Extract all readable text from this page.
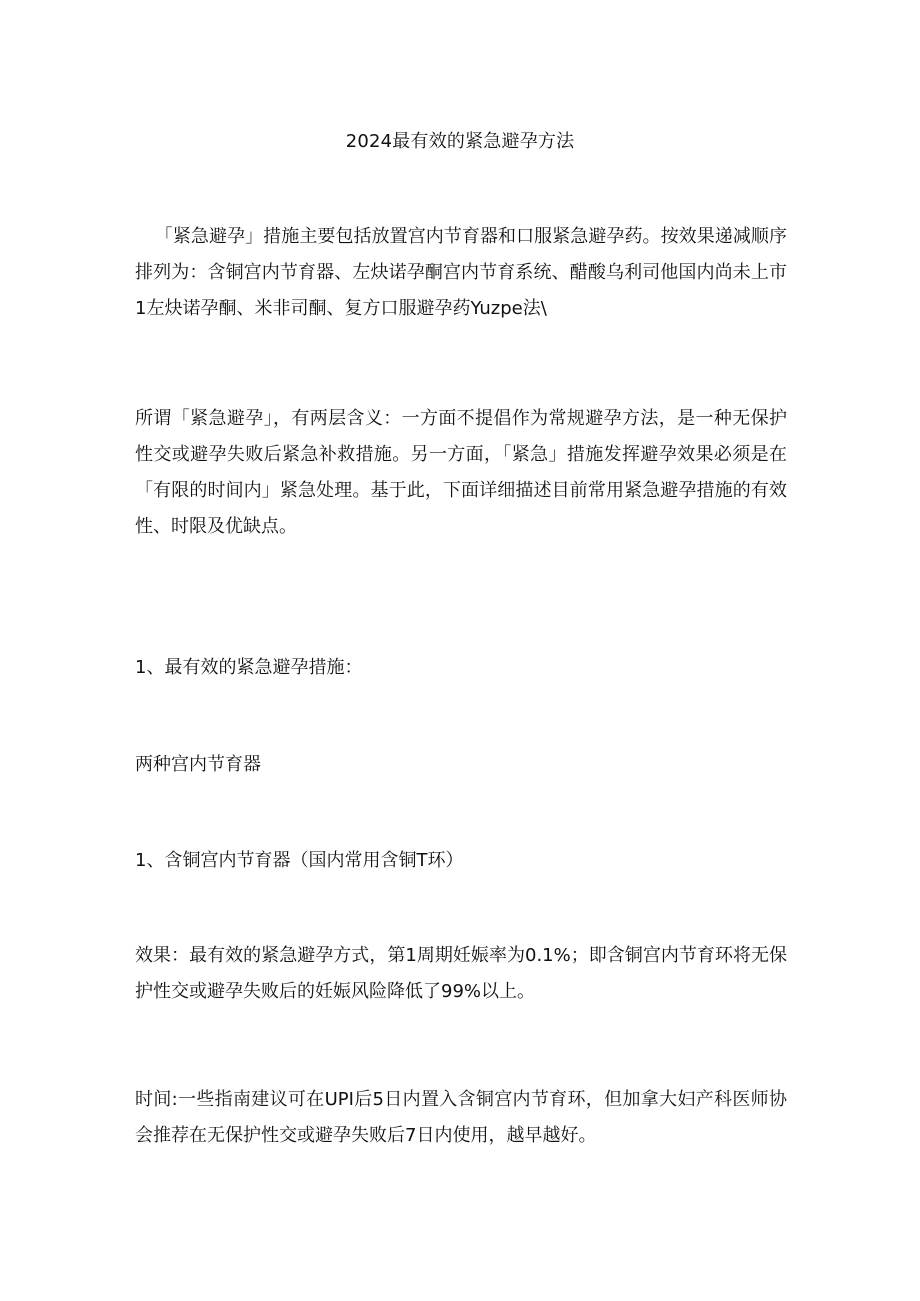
2024最有效的紧急避孕方法

「紧急避孕」措施主要包括放置宫内节育器和口服紧急避孕药。按效果递减顺序排列为：含铜宫内节育器、左炔诺孕酮宫内节育系统、醋酸乌利司他国内尚未上市1左炔诺孕酮、米非司酮、复方口服避孕药Yuzpe法\

所谓「紧急避孕」，有两层含义：一方面不提倡作为常规避孕方法，是一种无保护性交或避孕失败后紧急补救措施。另一方面，「紧急」措施发挥避孕效果必须是在「有限的时间内」紧急处理。基于此，下面详细描述目前常用紧急避孕措施的有效性、时限及优缺点。

1、最有效的紧急避孕措施：

两种宫内节育器

1、含铜宫内节育器（国内常用含铜T环）

效果：最有效的紧急避孕方式，第1周期妊娠率为0.1%；即含铜宫内节育环将无保护性交或避孕失败后的妊娠风险降低了99%以上。

时间:一些指南建议可在UPI后5日内置入含铜宫内节育环，但加拿大妇产科医师协会推荐在无保护性交或避孕失败后7日内使用，越早越好。
